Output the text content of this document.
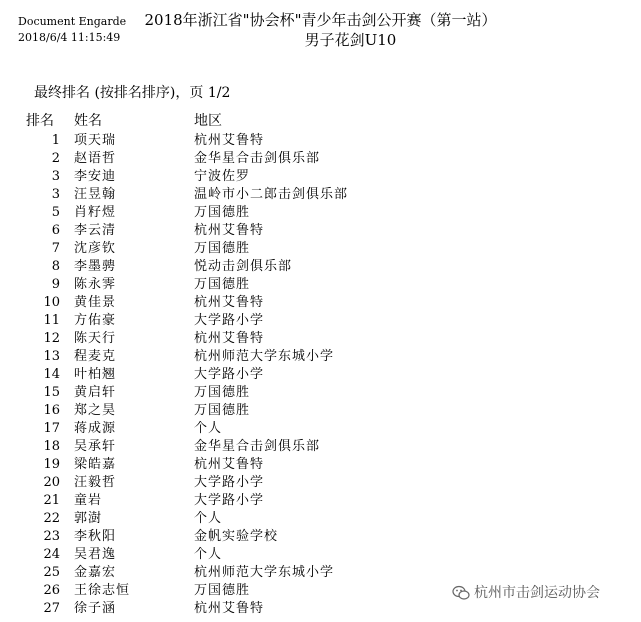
Document Engarde
2018/6/4 11:15:49
2018年浙江省"协会杯"青少年击剑公开赛（第一站）
男子花剑U10
最终排名 (按排名排序)，页 1/2
排名 姓名	地区
1 项天瑞	杭州艾鲁特
2 赵语哲	金华星合击剑俱乐部
3 李安迪	宁波佐罗
3 汪昱翰	温岭市小二郎击剑俱乐部
5 肖籽煜	万国德胜
6 李云清	杭州艾鲁特
7 沈彦钦	万国德胜
8 李墨骋	悦动击剑俱乐部
9 陈永霁	万国德胜
10 黄佳景	杭州艾鲁特
11 方佑豪	大学路小学
12 陈天行	杭州艾鲁特
13 程麦克	杭州师范大学东城小学
14 叶柏翘	大学路小学
15 黄启轩	万国德胜
16 郑之昊	万国德胜
17 蒋成源	个人
18 吴承轩	金华星合击剑俱乐部
19 梁皓嘉	杭州艾鲁特
20 汪毅哲	大学路小学
21 童岩	大学路小学
22 郭澍	个人
23 李秋阳	金帆实验学校
24 吴君逸	个人
25 金嘉宏	杭州师范大学东城小学
26 王徐志恒	万国德胜
27 徐子涵	杭州艾鲁特
杭州市击剑运动协会
